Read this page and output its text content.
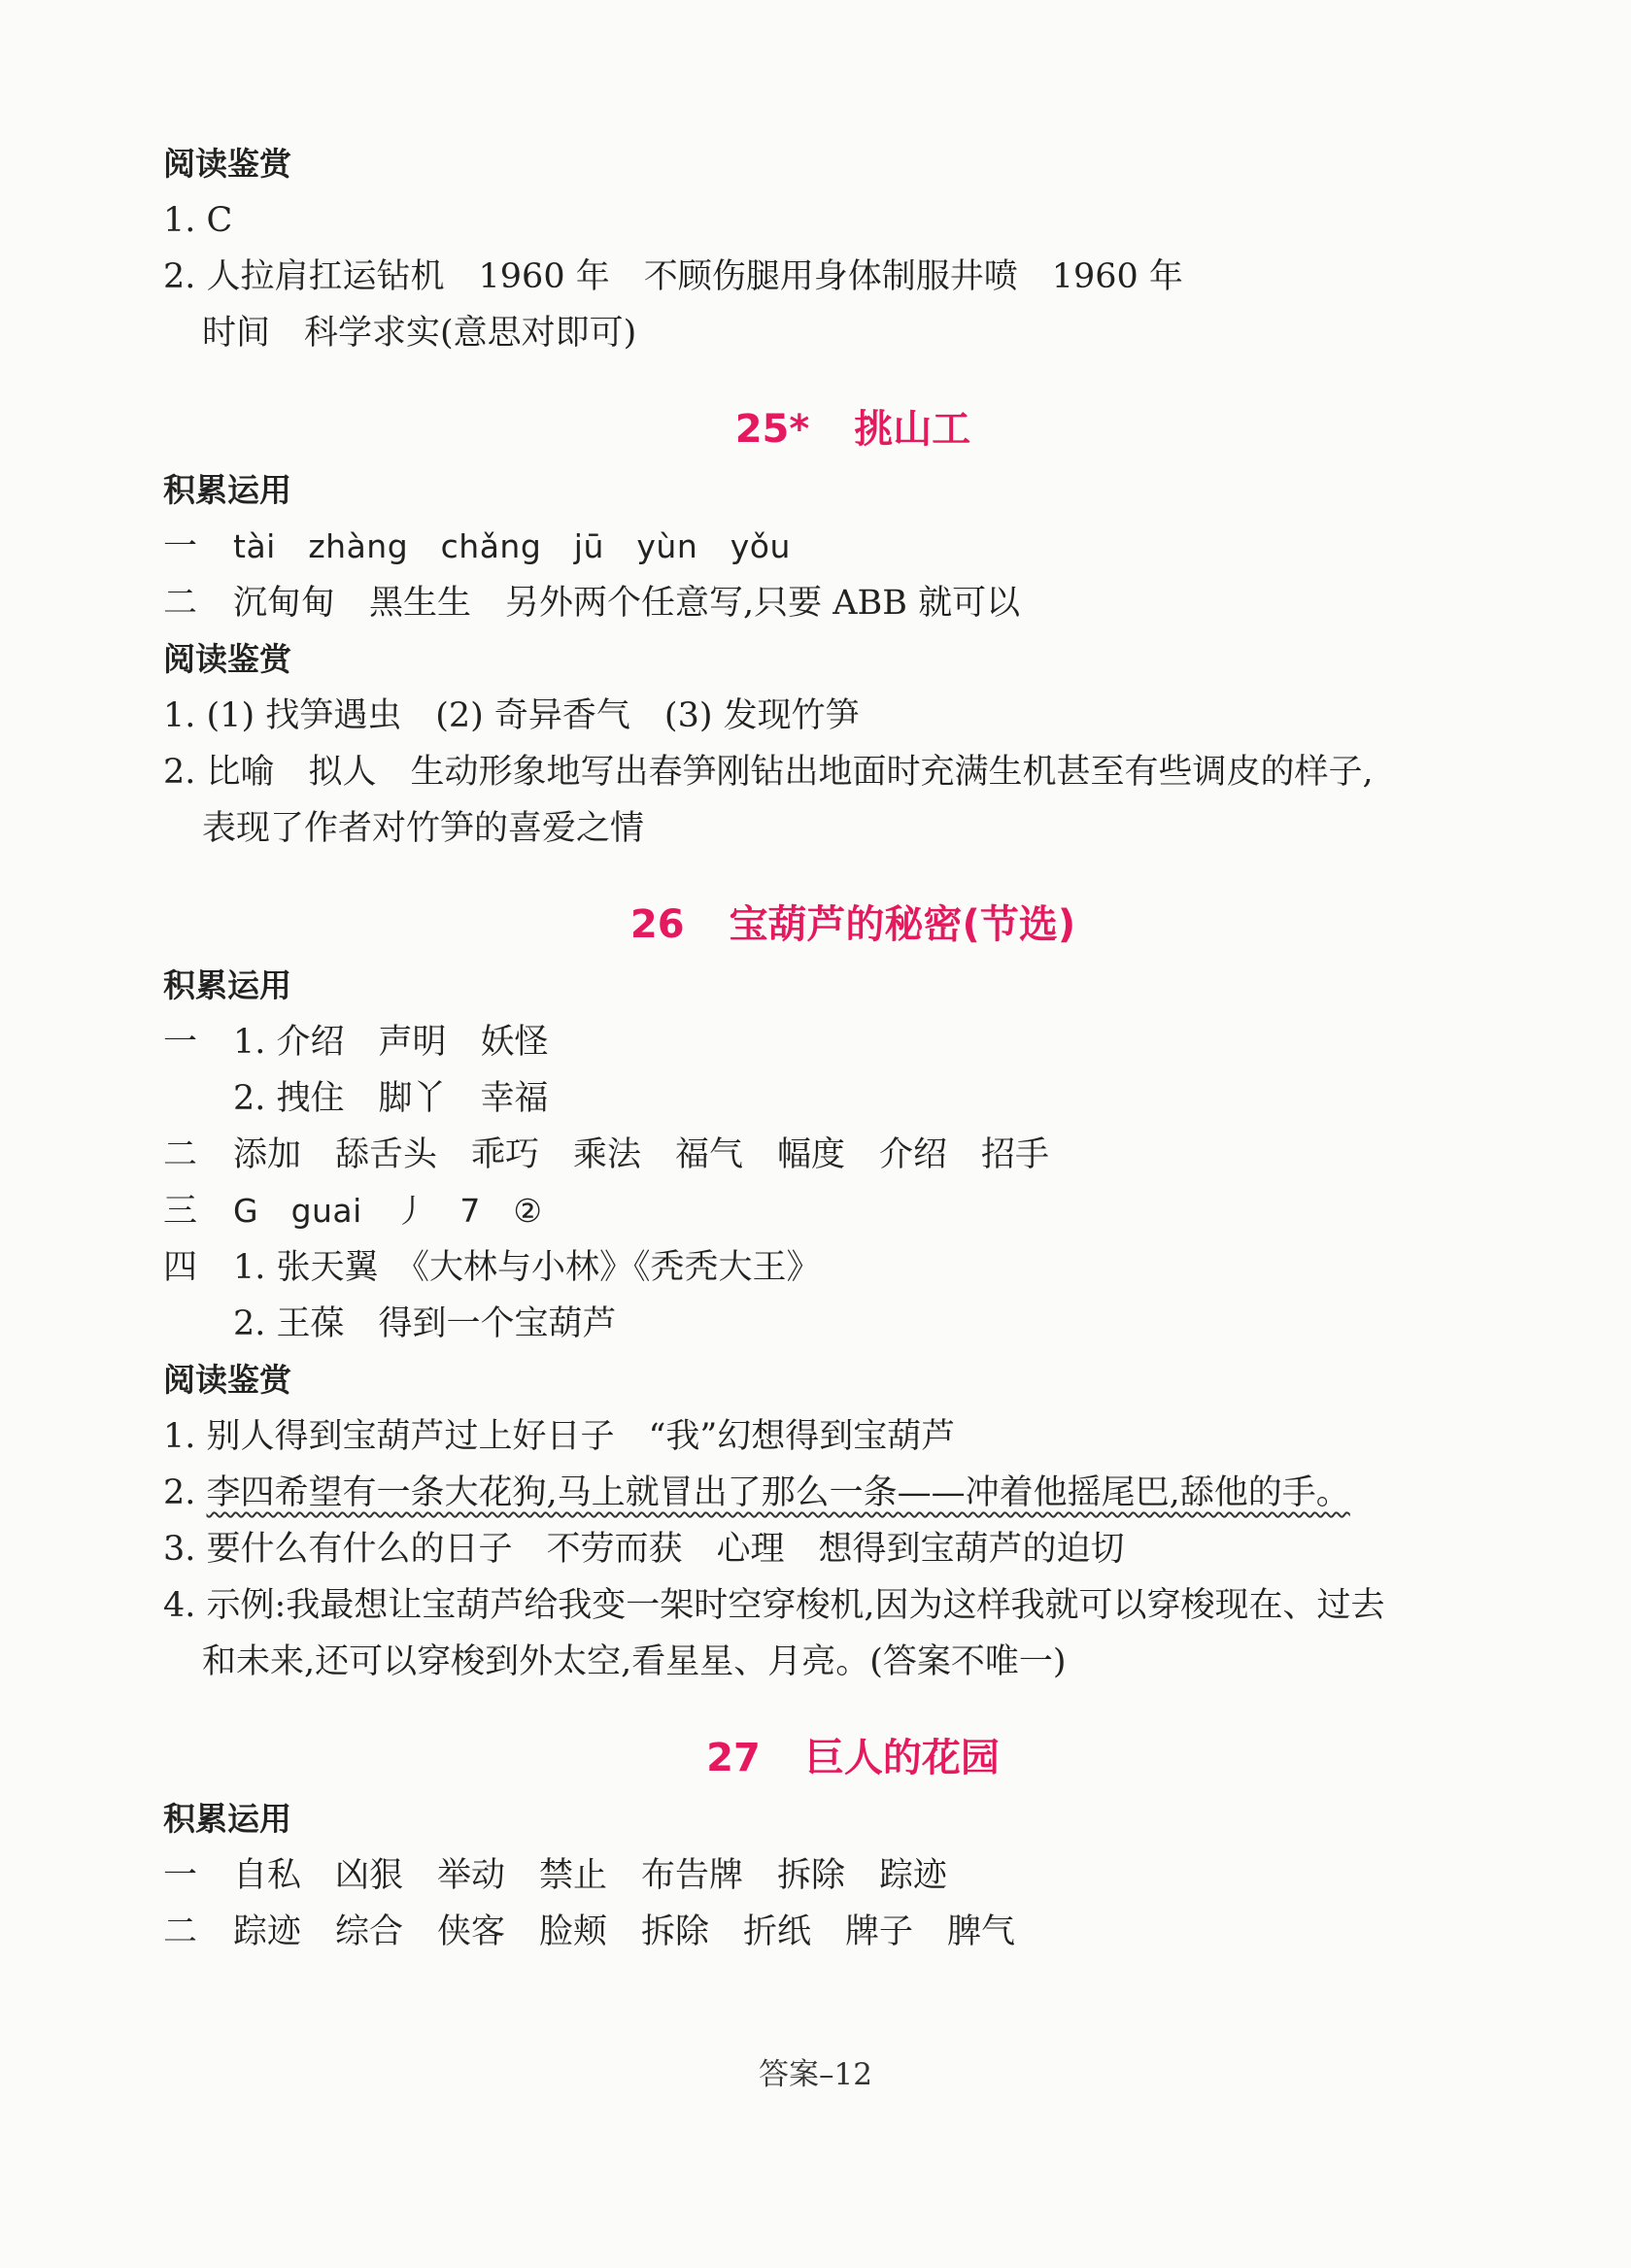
阅读鉴赏
1. C
2. 人拉肩扛运钻机　1960 年　不顾伤腿用身体制服井喷　1960 年
时间　科学求实(意思对即可)
25* 挑山工
积累运用
一 tài　zhàng　chǎng　jū　yùn　yǒu
二 沉甸甸　黑生生　另外两个任意写,只要 ABB 就可以
阅读鉴赏
1. (1) 找笋遇虫　(2) 奇异香气　(3) 发现竹笋
2. 比喻　拟人　生动形象地写出春笋刚钻出地面时充满生机甚至有些调皮的样子,
表现了作者对竹笋的喜爱之情
26 宝葫芦的秘密(节选)
积累运用
一 1. 介绍　声明　妖怪
2. 拽住　脚丫　幸福
二 添加　舔舌头　乖巧　乘法　福气　幅度　介绍　招手
三 G　guai　丿　7　②
四 1. 张天翼　《大林与小林》《秃秃大王》
2. 王葆　得到一个宝葫芦
阅读鉴赏
1. 别人得到宝葫芦过上好日子　“我”幻想得到宝葫芦
2. 李四希望有一条大花狗,马上就冒出了那么一条——冲着他摇尾巴,舔他的手。
3. 要什么有什么的日子　不劳而获　心理　想得到宝葫芦的迫切
4. 示例:我最想让宝葫芦给我变一架时空穿梭机,因为这样我就可以穿梭现在、过去
和未来,还可以穿梭到外太空,看星星、月亮。(答案不唯一)
27 巨人的花园
积累运用
一 自私　凶狠　举动　禁止　布告牌　拆除　踪迹
二 踪迹　综合　侠客　脸颊　拆除　折纸　牌子　脾气
答案–12
